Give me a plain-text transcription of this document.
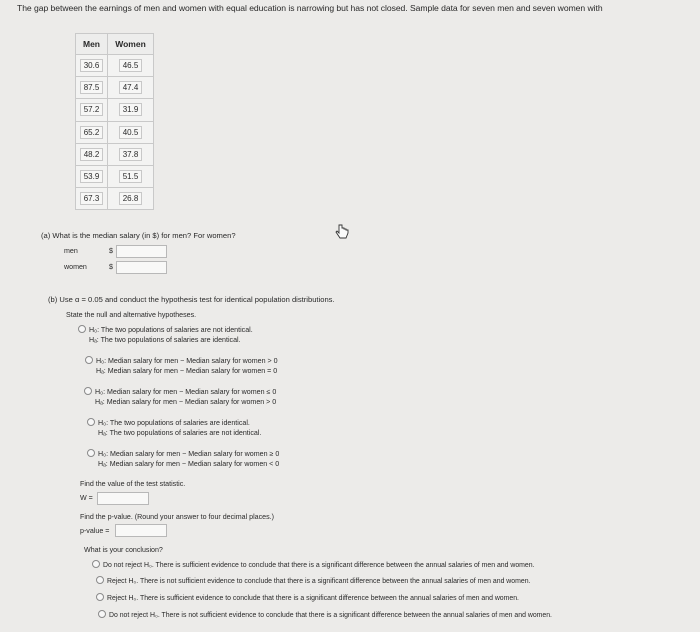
The gap between the earnings of men and women with equal education is narrowing but has not closed. Sample data for seven men and seven women with
Men	Women
30.6	46.5
87.5	47.4
57.2	31.9
65.2	40.5
48.2	37.8
53.9	51.5
67.3	26.8
(a) What is the median salary (in $) for men? For women?
men	$
women	$
(b) Use α = 0.05 and conduct the hypothesis test for identical population distributions.
State the null and alternative hypotheses.
H₀: The two populations of salaries are not identical.
Hₐ: The two populations of salaries are identical.
H₀: Median salary for men − Median salary for women > 0
Hₐ: Median salary for men − Median salary for women = 0
H₀: Median salary for men − Median salary for women ≤ 0
Hₐ: Median salary for men − Median salary for women > 0
H₀: The two populations of salaries are identical.
Hₐ: The two populations of salaries are not identical.
H₀: Median salary for men − Median salary for women ≥ 0
Hₐ: Median salary for men − Median salary for women < 0
Find the value of the test statistic.
W =
Find the p-value. (Round your answer to four decimal places.)
p-value =
What is your conclusion?
Do not reject H₀. There is sufficient evidence to conclude that there is a significant difference between the annual salaries of men and women.
Reject H₀. There is not sufficient evidence to conclude that there is a significant difference between the annual salaries of men and women.
Reject H₀. There is sufficient evidence to conclude that there is a significant difference between the annual salaries of men and women.
Do not reject H₀. There is not sufficient evidence to conclude that there is a significant difference between the annual salaries of men and women.
